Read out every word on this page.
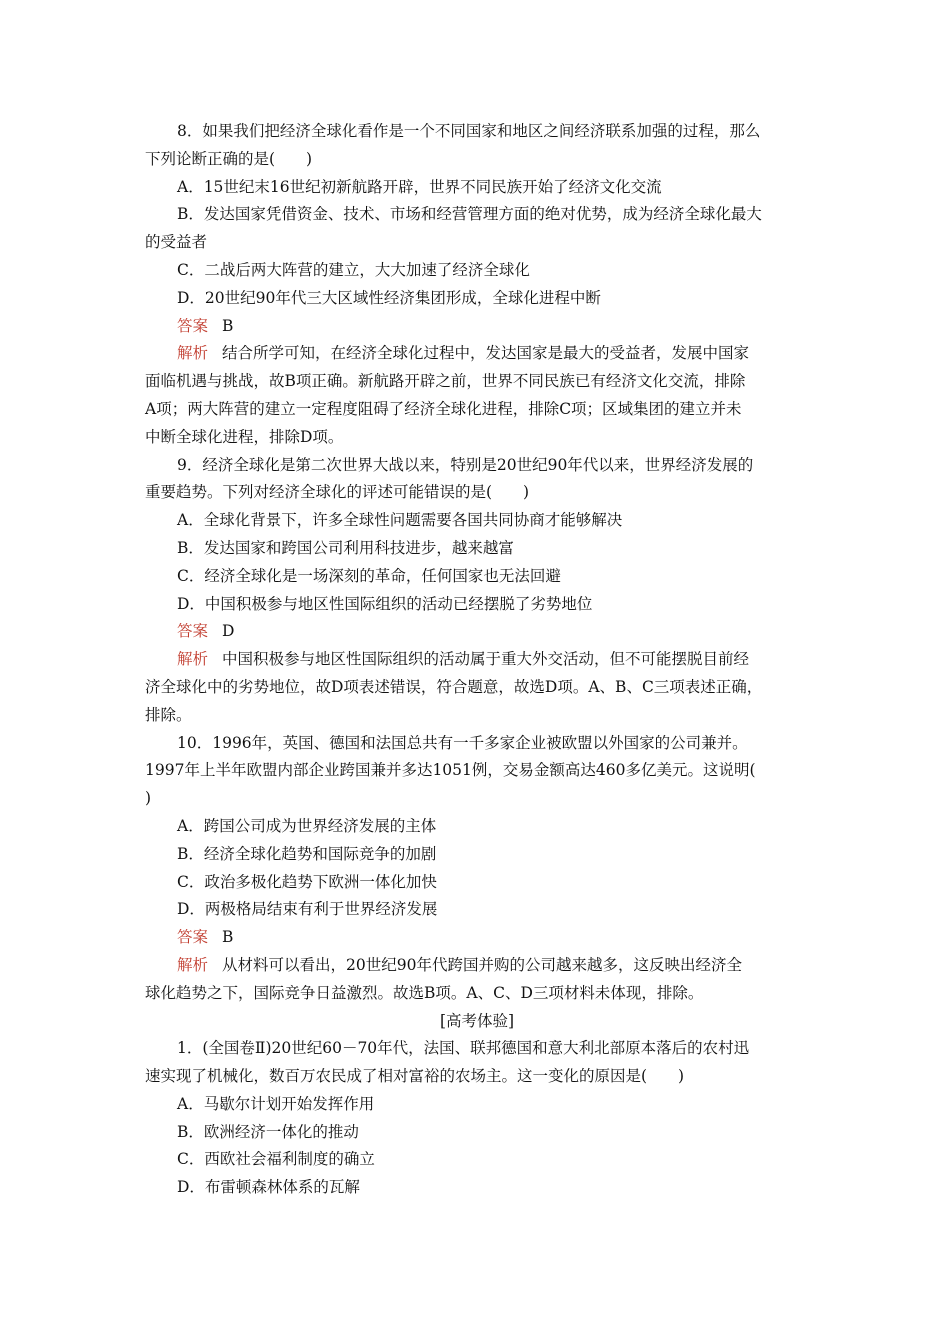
8．如果我们把经济全球化看作是一个不同国家和地区之间经济联系加强的过程，那么
下列论断正确的是(　　)
A．15世纪末16世纪初新航路开辟，世界不同民族开始了经济文化交流
B．发达国家凭借资金、技术、市场和经营管理方面的绝对优势，成为经济全球化最大
的受益者
C．二战后两大阵营的建立，大大加速了经济全球化
D．20世纪90年代三大区域性经济集团形成，全球化进程中断
答案 B
解析 结合所学可知，在经济全球化过程中，发达国家是最大的受益者，发展中国家
面临机遇与挑战，故B项正确。新航路开辟之前，世界不同民族已有经济文化交流，排除
A项；两大阵营的建立一定程度阻碍了经济全球化进程，排除C项；区域集团的建立并未
中断全球化进程，排除D项。
9．经济全球化是第二次世界大战以来，特别是20世纪90年代以来，世界经济发展的
重要趋势。下列对经济全球化的评述可能错误的是(　　)
A．全球化背景下，许多全球性问题需要各国共同协商才能够解决
B．发达国家和跨国公司利用科技进步，越来越富
C．经济全球化是一场深刻的革命，任何国家也无法回避
D．中国积极参与地区性国际组织的活动已经摆脱了劣势地位
答案 D
解析 中国积极参与地区性国际组织的活动属于重大外交活动，但不可能摆脱目前经
济全球化中的劣势地位，故D项表述错误，符合题意，故选D项。A、B、C三项表述正确，
排除。
10．1996年，英国、德国和法国总共有一千多家企业被欧盟以外国家的公司兼并。
1997年上半年欧盟内部企业跨国兼并多达1051例，交易金额高达460多亿美元。这说明(
)
A．跨国公司成为世界经济发展的主体
B．经济全球化趋势和国际竞争的加剧
C．政治多极化趋势下欧洲一体化加快
D．两极格局结束有利于世界经济发展
答案 B
解析 从材料可以看出，20世纪90年代跨国并购的公司越来越多，这反映出经济全
球化趋势之下，国际竞争日益激烈。故选B项。A、C、D三项材料未体现，排除。
[高考体验]
1．(全国卷Ⅱ)20世纪60－70年代，法国、联邦德国和意大利北部原本落后的农村迅
速实现了机械化，数百万农民成了相对富裕的农场主。这一变化的原因是(　　)
A．马歇尔计划开始发挥作用
B．欧洲经济一体化的推动
C．西欧社会福利制度的确立
D．布雷顿森林体系的瓦解
